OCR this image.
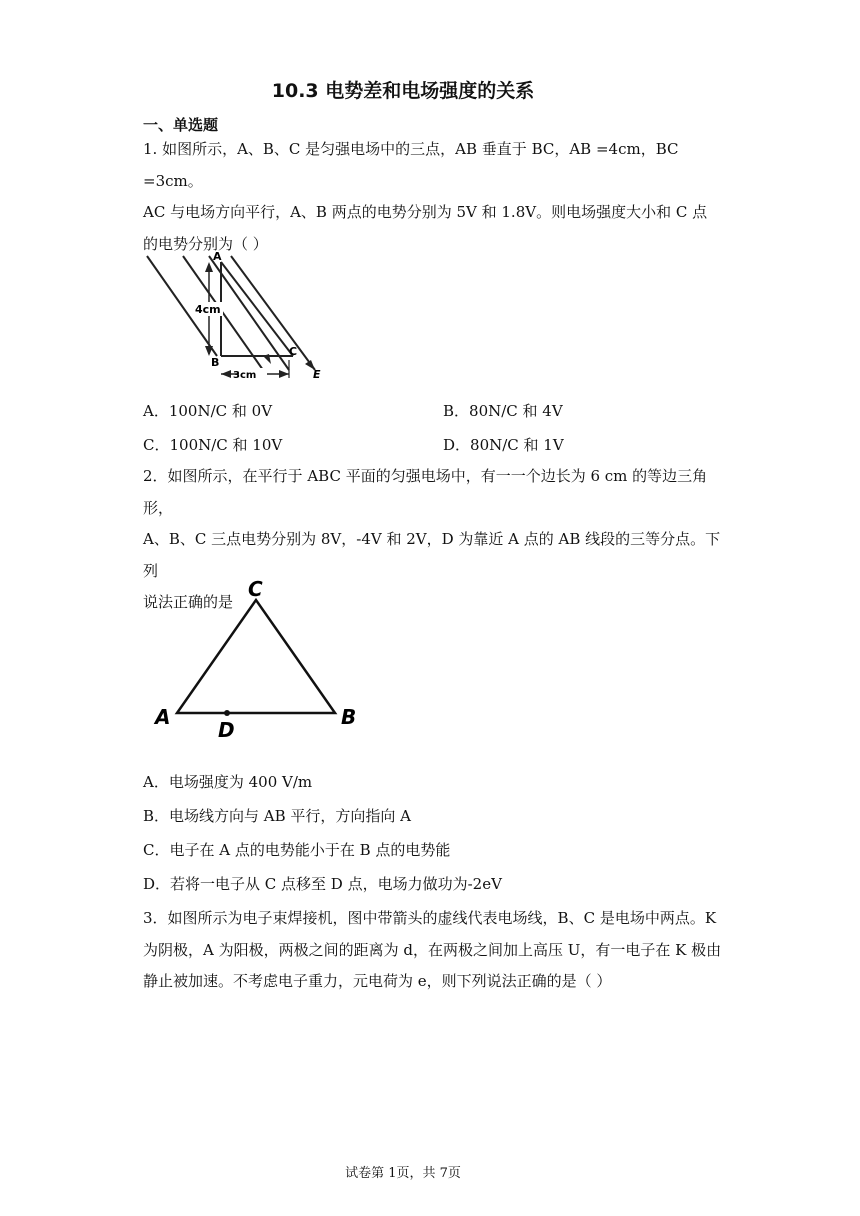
10.3 电势差和电场强度的关系
一、单选题
1. 如图所示，A、B、C 是匀强电场中的三点，AB 垂直于 BC，AB =4cm，BC =3cm。
AC 与电场方向平行，A、B 两点的电势分别为 5V 和 1.8V。则电场强度大小和 C 点
的电势分别为（ ）
A
B
C
E
4cm
3cm
A．100N/C 和 0V	B．80N/C 和 4V
C．100N/C 和 10V	D．80N/C 和 1V
2．如图所示，在平行于 ABC 平面的匀强电场中，有一一个边长为 6 cm 的等边三角形，
A、B、C 三点电势分别为 8V，-4V 和 2V，D 为靠近 A 点的 AB 线段的三等分点。下列
说法正确的是
C
A	B
D
A．电场强度为 400 V/m
B．电场线方向与 AB 平行，方向指向 A
C．电子在 A 点的电势能小于在 B 点的电势能
D．若将一电子从 C 点移至 D 点，电场力做功为-2eV
3．如图所示为电子束焊接机，图中带箭头的虚线代表电场线，B、C 是电场中两点。K
为阴极，A 为阳极，两极之间的距离为 d，在两极之间加上高压 U，有一电子在 K 极由
静止被加速。不考虑电子重力，元电荷为 e，则下列说法正确的是（ ）
试卷第 1页，共 7页
